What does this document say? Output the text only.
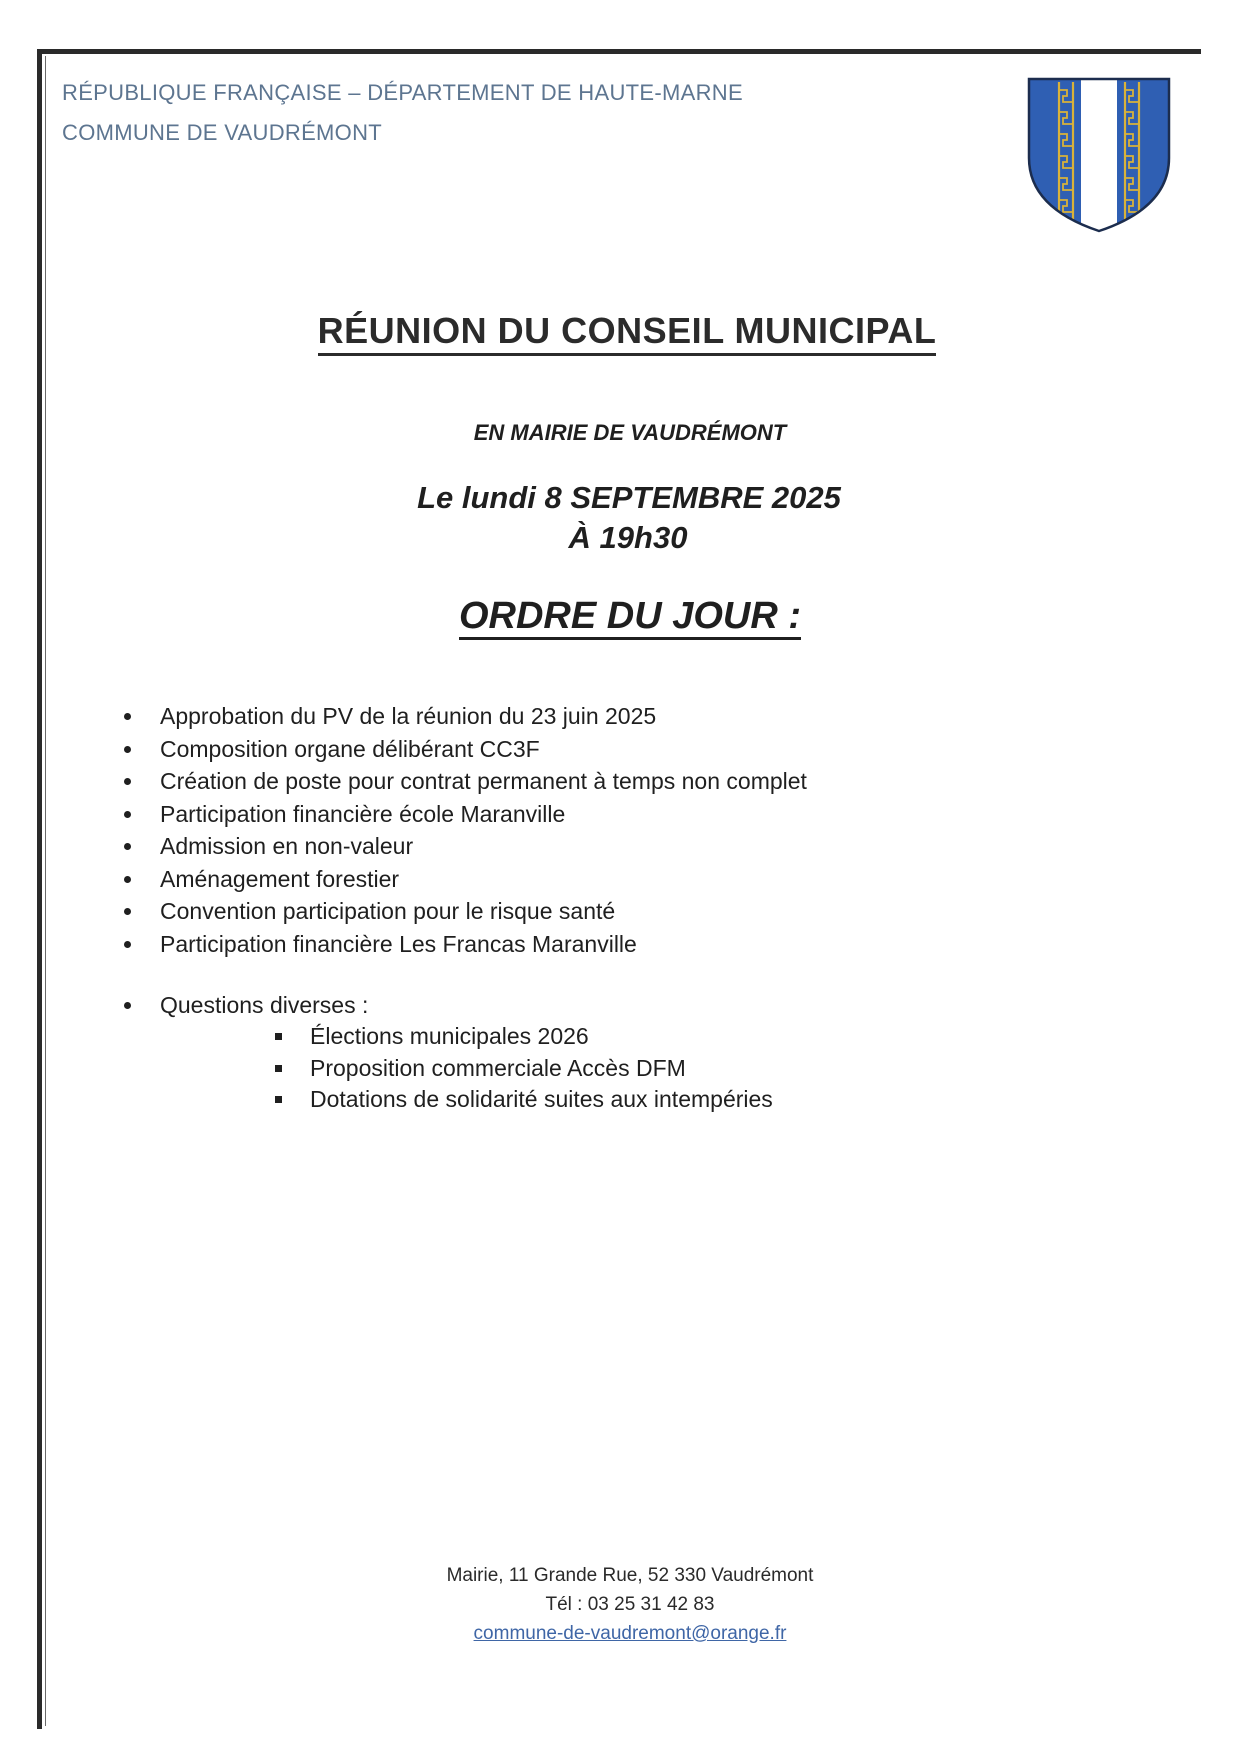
RÉPUBLIQUE FRANÇAISE – DÉPARTEMENT DE HAUTE-MARNE
COMMUNE DE VAUDRÉMONT
RÉUNION DU CONSEIL MUNICIPAL
EN MAIRIE DE VAUDRÉMONT
Le lundi 8 SEPTEMBRE 2025
À 19h30
ORDRE DU JOUR :
Approbation du PV de la réunion du 23 juin 2025
Composition organe délibérant CC3F
Création de poste pour contrat permanent à temps non complet
Participation financière école Maranville
Admission en non-valeur
Aménagement forestier
Convention participation pour le risque santé
Participation financière Les Francas Maranville
Questions diverses :
Élections municipales 2026
Proposition commerciale Accès DFM
Dotations de solidarité suites aux intempéries
Mairie, 11 Grande Rue, 52 330 Vaudrémont
Tél : 03 25 31 42 83
commune-de-vaudremont@orange.fr
